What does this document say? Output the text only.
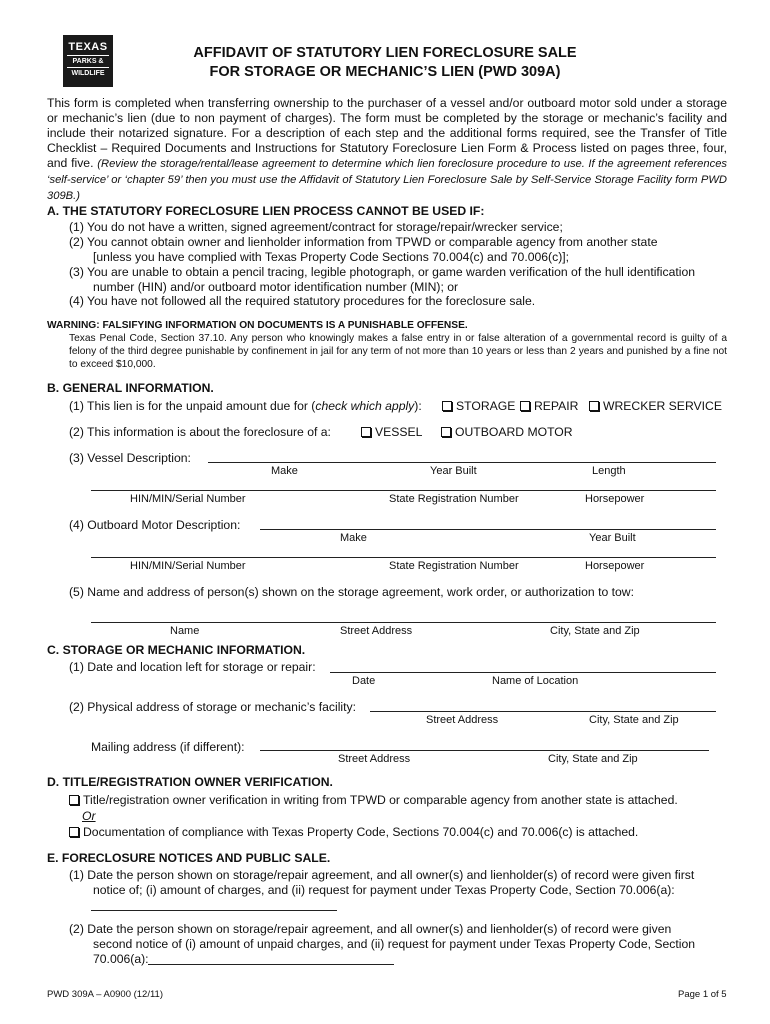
TEXAS
PARKS &
WILDLIFE
AFFIDAVIT OF STATUTORY LIEN FORECLOSURE SALE
FOR STORAGE OR MECHANIC’S LIEN (PWD 309A)
This form is completed when transferring ownership to the purchaser of a vessel and/or outboard motor sold under a storage or mechanic’s lien (due to non payment of charges). The form must be completed by the storage or mechanic’s facility and include their notarized signature. For a description of each step and the additional forms required, see the Transfer of Title Checklist – Required Documents and Instructions for Statutory Foreclosure Lien Form & Process listed on pages three, four, and five. (Review the storage/rental/lease agreement to determine which lien foreclosure procedure to use. If the agreement references ‘self-service’ or ‘chapter 59’ then you must use the Affidavit of Statutory Lien Foreclosure Sale by Self-Service Storage Facility form PWD 309B.)
A. THE STATUTORY FORECLOSURE LIEN PROCESS CANNOT BE USED IF:
(1) You do not have a written, signed agreement/contract for storage/repair/wrecker service;
(2) You cannot obtain owner and lienholder information from TPWD or comparable agency from another state
[unless you have complied with Texas Property Code Sections 70.004(c) and 70.006(c)];
(3) You are unable to obtain a pencil tracing, legible photograph, or game warden verification of the hull identification
number (HIN) and/or outboard motor identification number (MIN); or
(4) You have not followed all the required statutory procedures for the foreclosure sale.
WARNING: FALSIFYING INFORMATION ON DOCUMENTS IS A PUNISHABLE OFFENSE.
Texas Penal Code, Section 37.10. Any person who knowingly makes a false entry in or false alteration of a governmental record is guilty of a felony of the third degree punishable by confinement in jail for any term of not more than 10 years or less than 2 years and punished by a fine not to exceed $10,000.
B. GENERAL INFORMATION.
(1) This lien is for the unpaid amount due for (check which apply):	STORAGE	REPAIR	WRECKER SERVICE
(2) This information is about the foreclosure of a:	VESSEL	OUTBOARD MOTOR
(3) Vessel Description:
Make	Year Built	Length
HIN/MIN/Serial Number	State Registration Number	Horsepower
(4) Outboard Motor Description:
Make	Year Built
HIN/MIN/Serial Number	State Registration Number	Horsepower
(5) Name and address of person(s) shown on the storage agreement, work order, or authorization to tow:
Name	Street Address	City, State and Zip
C. STORAGE OR MECHANIC INFORMATION.
(1) Date and location left for storage or repair:
Date	Name of Location
(2) Physical address of storage or mechanic’s facility:
Street Address	City, State and Zip
Mailing address (if different):
Street Address	City, State and Zip
D. TITLE/REGISTRATION OWNER VERIFICATION.
Title/registration owner verification in writing from TPWD or comparable agency from another state is attached.
Or
Documentation of compliance with Texas Property Code, Sections 70.004(c) and 70.006(c) is attached.
E. FORECLOSURE NOTICES AND PUBLIC SALE.
(1) Date the person shown on storage/repair agreement, and all owner(s) and lienholder(s) of record were given first
notice of; (i) amount of charges, and (ii) request for payment under Texas Property Code, Section 70.006(a):
(2) Date the person shown on storage/repair agreement, and all owner(s) and lienholder(s) of record were given
second notice of (i) amount of unpaid charges, and (ii) request for payment under Texas Property Code, Section
70.006(a):
PWD 309A – A0900 (12/11)	Page 1 of 5
